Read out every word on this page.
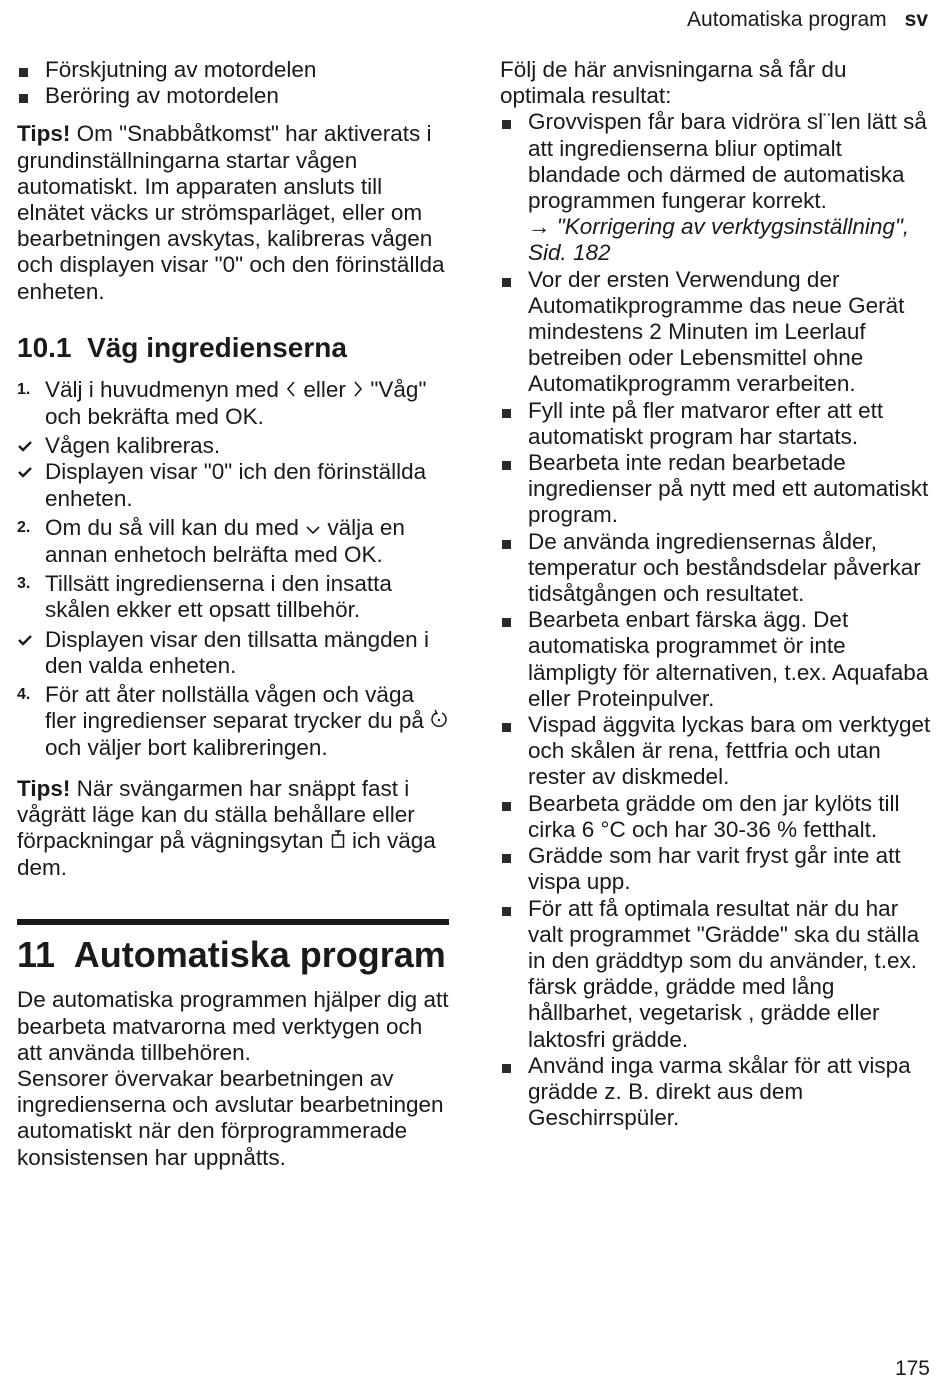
Automatiska program sv
Förskjutning av motordelen
Beröring av motordelen

Tips! Om "Snabbåtkomst" har aktiverats i grundinställningarna startar vågen automatiskt. Im apparaten ansluts till elnätet väcks ur strömsparläget, eller om bearbetningen avskytas, kalibreras vågen och displayen visar "0" och den förinställda enheten.

10.1 Väg ingredienserna
1. Välj i huvudmenyn med  eller  "Våg" och bekräfta med OK.
Vågen kalibreras.
Displayen visar "0" ich den förinställda enheten.
2. Om du så vill kan du med  välja en annan enhetoch belräfta med OK.
3. Tillsätt ingredienserna i den insatta skålen ekker ett opsatt tillbehör.
Displayen visar den tillsatta mängden i den valda enheten.
4. För att åter nollställa vågen och väga fler ingredienser separat trycker du på  och väljer bort kalibreringen.

Tips! När svängarmen har snäppt fast i vågrätt läge kan du ställa behållare eller förpackningar på vägningsytan  ich väga dem.

11 Automatiska program

De automatiska programmen hjälper dig att bearbeta matvarorna med verktygen och att använda tillbehören.

Sensorer övervakar bearbetningen av ingredienserna och avslutar bearbetningen automatiskt när den förprogrammerade konsistensen har uppnåtts.

Följ de här anvisningarna så får du optimala resultat:

Grovvispen får bara vidröra sl¨len lätt så att ingredienserna bliur optimalt blandade och därmed de automatiska programmen fungerar korrekt.
→ "Korrigering av verktygsinställning", Sid. 182
Vor der ersten Verwendung der Automatikprogramme das neue Gerät mindestens 2 Minuten im Leerlauf betreiben oder Lebensmittel ohne Automatikprogramm verarbeiten.
Fyll inte på fler matvaror efter att ett automatiskt program har startats.
Bearbeta inte redan bearbetade ingredienser på nytt med ett automatiskt program.
De använda ingrediensernas ålder, temperatur och beståndsdelar påverkar tidsåtgången och resultatet.
Bearbeta enbart färska ägg. Det automatiska programmet ör inte lämpligty för alternativen, t.ex. Aquafaba eller Proteinpulver.
Vispad äggvita lyckas bara om verktyget och skålen är rena, fettfria och utan rester av diskmedel.
Bearbeta grädde om den jar kylöts till cirka 6 °C och har 30-36 % fetthalt.
Grädde som har varit fryst går inte att vispa upp.
För att få optimala resultat när du har valt programmet "Grädde" ska du ställa in den gräddtyp som du använder, t.ex. färsk grädde, grädde med lång hållbarhet, vegetarisk , grädde eller laktosfri grädde.
Använd inga varma skålar för att vispa grädde z. B. direkt aus dem Geschirrspüler.
175
